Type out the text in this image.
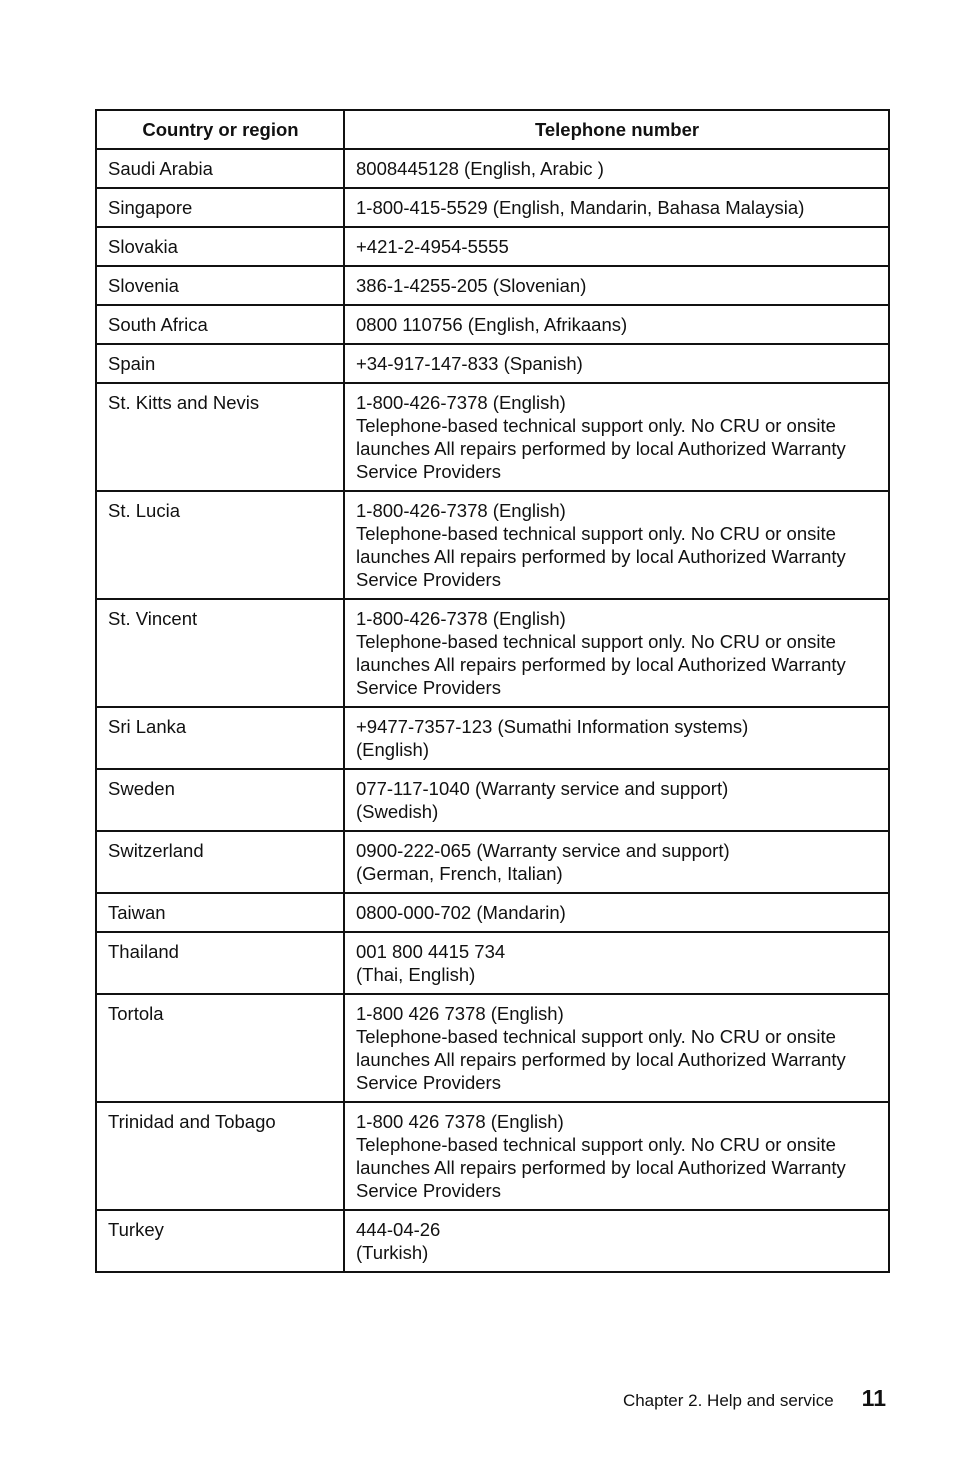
Country or region	Telephone number
Saudi Arabia	8008445128 (English, Arabic )

Singapore	1-800-415-5529 (English, Mandarin, Bahasa Malaysia)

Slovakia	+421-2-4954-5555

Slovenia	386-1-4255-205 (Slovenian)

South Africa	0800 110756 (English, Afrikaans)

Spain	+34-917-147-833 (Spanish)

St. Kitts and Nevis	1-800-426-7378 (English)
Telephone-based technical support only. No CRU or onsite
launches All repairs performed by local Authorized Warranty
Service Providers

St. Lucia	1-800-426-7378 (English)
Telephone-based technical support only. No CRU or onsite
launches All repairs performed by local Authorized Warranty
Service Providers

St. Vincent	1-800-426-7378 (English)
Telephone-based technical support only. No CRU or onsite
launches All repairs performed by local Authorized Warranty
Service Providers

Sri Lanka	+9477-7357-123 (Sumathi Information systems)
(English)

Sweden	077-117-1040 (Warranty service and support)
(Swedish)

Switzerland	0900-222-065 (Warranty service and support)
(German, French, Italian)

Taiwan	0800-000-702 (Mandarin)

Thailand	001 800 4415 734
(Thai, English)

Tortola	1-800 426 7378 (English)
Telephone-based technical support only. No CRU or onsite
launches All repairs performed by local Authorized Warranty
Service Providers

Trinidad and Tobago	1-800 426 7378 (English)
Telephone-based technical support only. No CRU or onsite
launches All repairs performed by local Authorized Warranty
Service Providers

Turkey	444-04-26
(Turkish)
Chapter 2. Help and service 11
